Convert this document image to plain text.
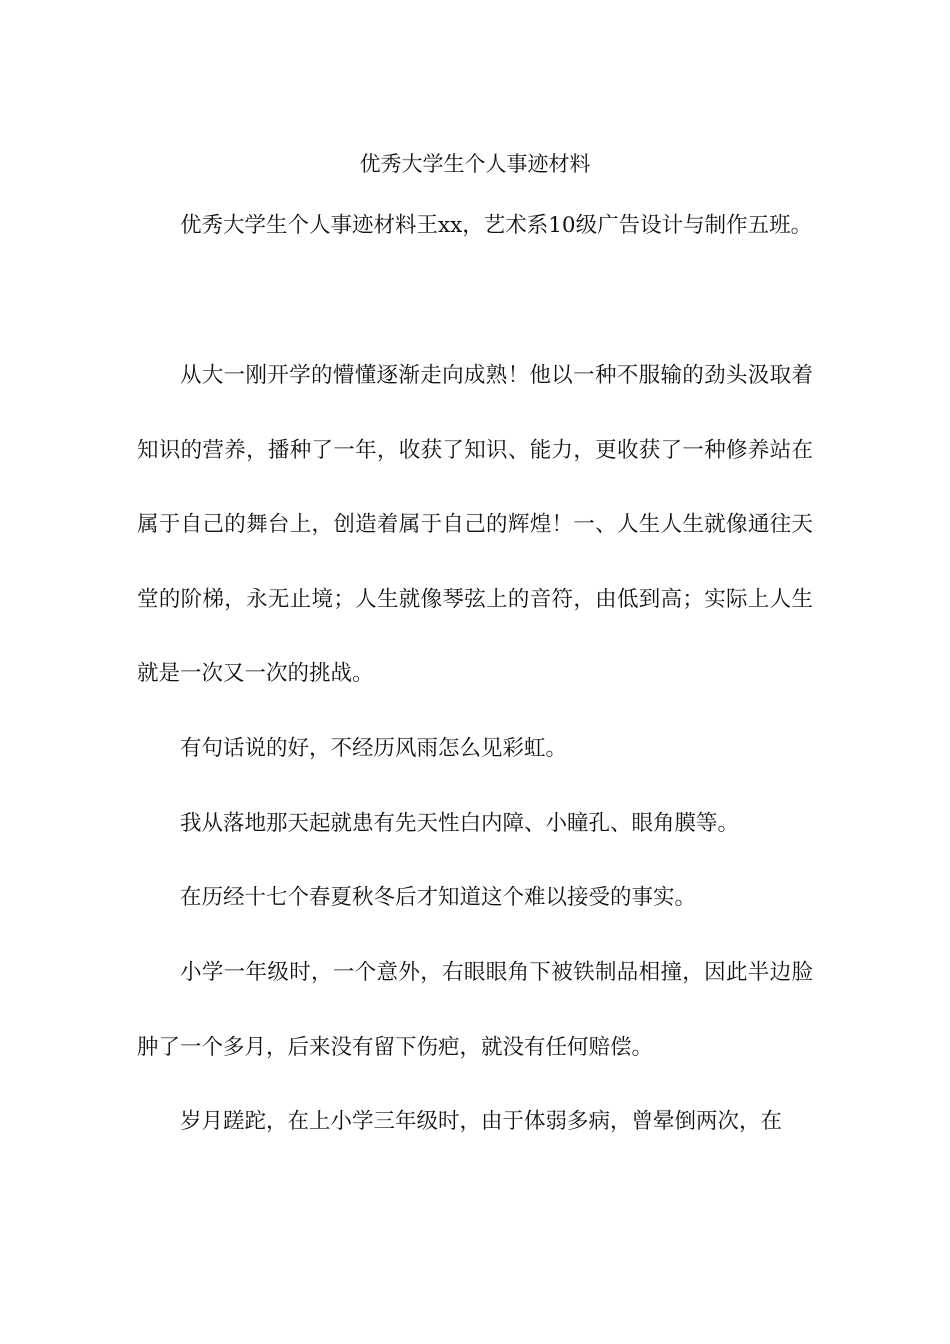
优秀大学生个人事迹材料

优秀大学生个人事迹材料王xx，艺术系10级广告设计与制作五班。

从大一刚开学的懵懂逐渐走向成熟！他以一种不服输的劲头汲取着知识的营养，播种了一年，收获了知识、能力，更收获了一种修养站在属于自己的舞台上，创造着属于自己的辉煌！一、人生人生就像通往天堂的阶梯，永无止境；人生就像琴弦上的音符，由低到高；实际上人生就是一次又一次的挑战。

有句话说的好，不经历风雨怎么见彩虹。

我从落地那天起就患有先天性白内障、小瞳孔、眼角膜等。

在历经十七个春夏秋冬后才知道这个难以接受的事实。

小学一年级时，一个意外，右眼眼角下被铁制品相撞，因此半边脸肿了一个多月，后来没有留下伤疤，就没有任何赔偿。

岁月蹉跎，在上小学三年级时，由于体弱多病，曾晕倒两次，在
